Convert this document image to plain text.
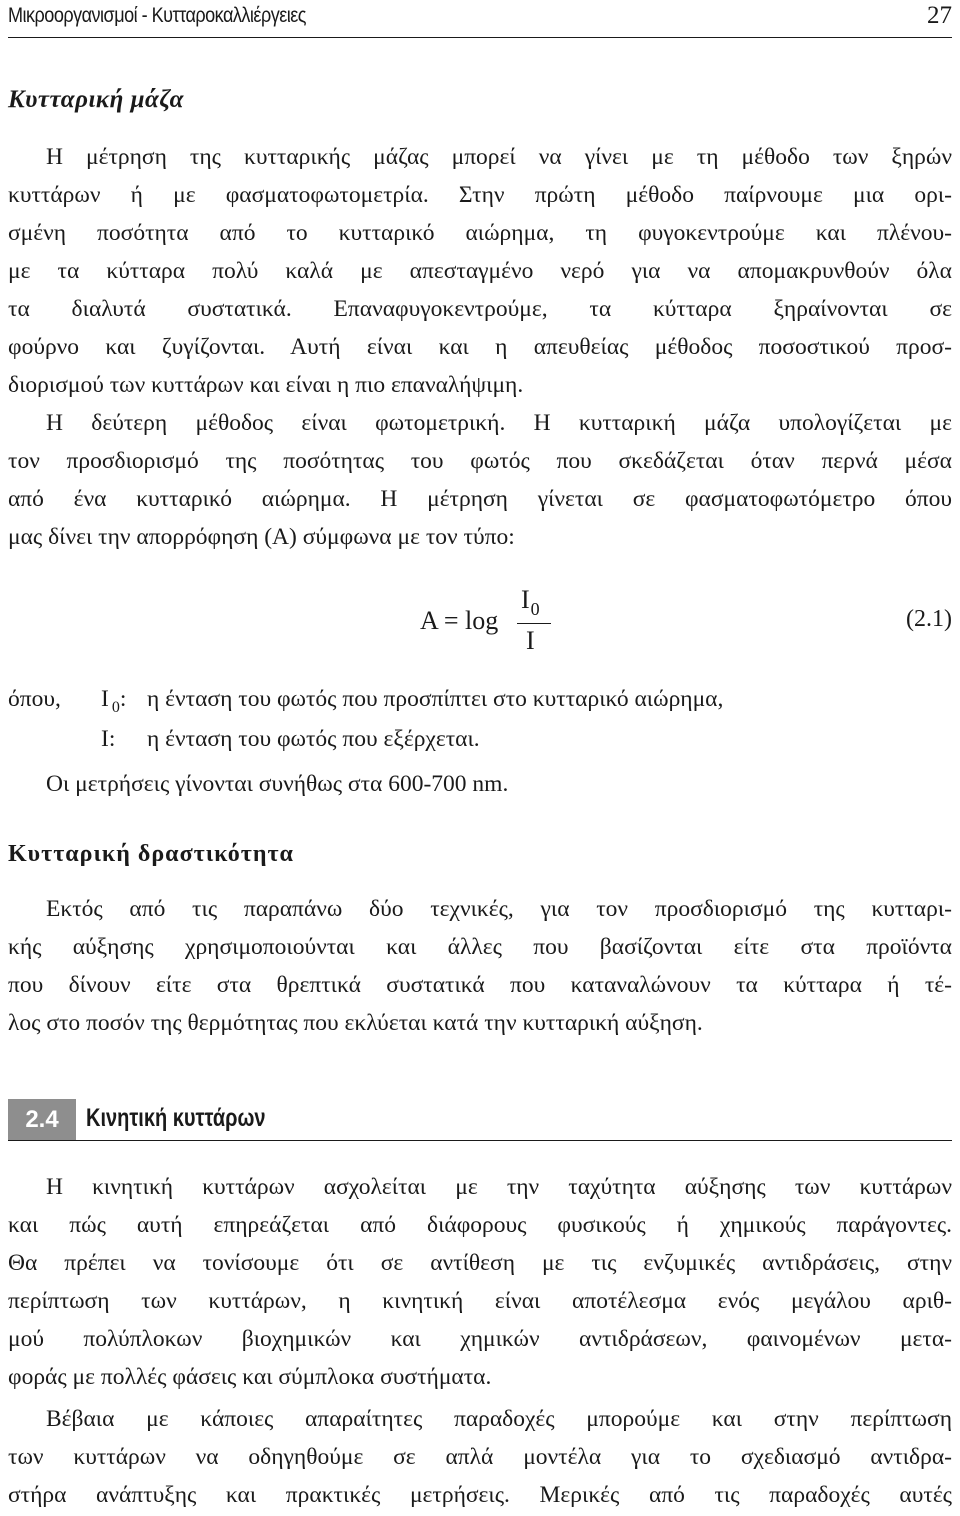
Μικροοργανισμοί - Κυτταροκαλλιέργειες	27
Κυτταρική μάζα
Η μέτρηση της κυτταρικής μάζας μπορεί να γίνει με τη μέθοδο των ξηρών
κυττάρων ή με φασματοφωτομετρία. Στην πρώτη μέθοδο παίρνουμε μια ορι-
σμένη ποσότητα από το κυτταρικό αιώρημα, τη φυγοκεντρούμε και πλένου-
με τα κύτταρα πολύ καλά με απεσταγμένο νερό για να απομακρυνθούν όλα
τα διαλυτά συστατικά. Επαναφυγοκεντρούμε, τα κύτταρα ξηραίνονται σε
φούρνο και ζυγίζονται. Αυτή είναι και η απευθείας μέθοδος ποσοστικού προσ-
διορισμού των κυττάρων και είναι η πιο επαναλήψιμη.
Η δεύτερη μέθοδος είναι φωτομετρική. Η κυτταρική μάζα υπολογίζεται με
τον προσδιορισμό της ποσότητας του φωτός που σκεδάζεται όταν περνά μέσα
από ένα κυτταρικό αιώρημα. Η μέτρηση γίνεται σε φασματοφωτόμετρο όπου
μας δίνει την απορρόφηση (Α) σύμφωνα με τον τύπο:
A = log
$I_0$
I
(2.1)
όπου, I $_0$: η ένταση του φωτός που προσπίπτει στο κυτταρικό αιώρημα,
I: η ένταση του φωτός που εξέρχεται.
Οι μετρήσεις γίνονται συνήθως στα 600-700 nm.
Κυτταρική δραστικότητα
Εκτός από τις παραπάνω δύο τεχνικές, για τον προσδιορισμό της κυτταρι-
κής αύξησης χρησιμοποιούνται και άλλες που βασίζονται είτε στα προϊόντα
που δίνουν είτε στα θρεπτικά συστατικά που καταναλώνουν τα κύτταρα ή τέ-
λος στο ποσόν της θερμότητας που εκλύεται κατά την κυτταρική αύξηση.
2.4	Κινητική κυττάρων
Η κινητική κυττάρων ασχολείται με την ταχύτητα αύξησης των κυττάρων
και πώς αυτή επηρεάζεται από διάφορους φυσικούς ή χημικούς παράγοντες.
Θα πρέπει να τονίσουμε ότι σε αντίθεση με τις ενζυμικές αντιδράσεις, στην
περίπτωση των κυττάρων, η κινητική είναι αποτέλεσμα ενός μεγάλου αριθ-
μού πολύπλοκων βιοχημικών και χημικών αντιδράσεων, φαινομένων μετα-
φοράς με πολλές φάσεις και σύμπλοκα συστήματα.
Βέβαια με κάποιες απαραίτητες παραδοχές μπορούμε και στην περίπτωση
των κυττάρων να οδηγηθούμε σε απλά μοντέλα για το σχεδιασμό αντιδρα-
στήρα ανάπτυξης και πρακτικές μετρήσεις. Μερικές από τις παραδοχές αυτές
